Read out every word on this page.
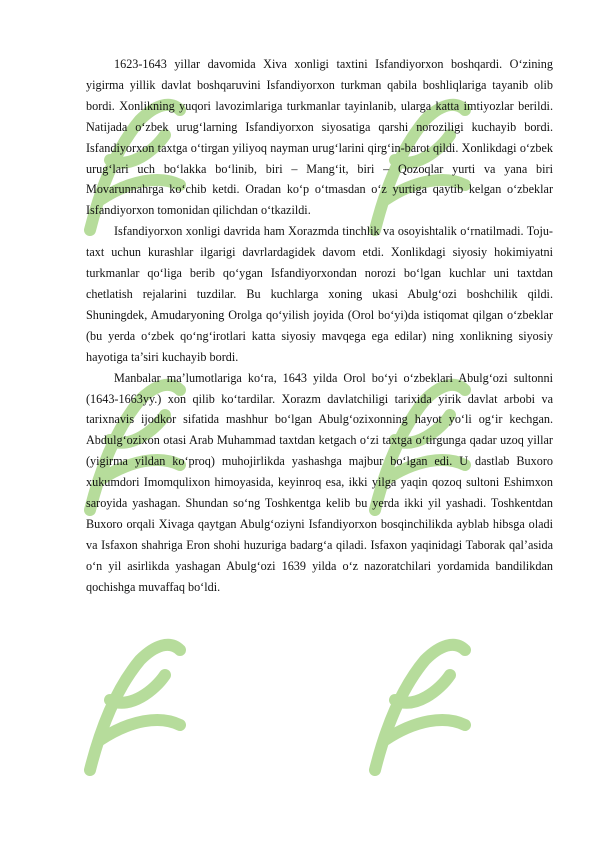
1623-1643 yillar davomida Xiva xonligi taxtini Isfandiyorxon boshqardi. O‘zining yigirma yillik davlat boshqaruvini Isfandiyorxon turkman qabila boshliqlariga tayanib olib bordi. Xonlikning yuqori lavozimlariga turkmanlar tayinlanib, ularga katta imtiyozlar berildi. Natijada o‘zbek urug‘larning Isfandiyorxon siyosatiga qarshi noroziligi kuchayib bordi. Isfandiyorxon taxtga o‘tirgan yiliyoq nayman urug‘larini qirg‘in-barot qildi. Xonlikdagi o‘zbek urug‘lari uch bo‘lakka bo‘linib, biri – Mang‘it, biri – Qozoqlar yurti va yana biri Movarunnahrga ko‘chib ketdi. Oradan ko‘p o‘tmasdan o‘z yurtiga qaytib kelgan o‘zbeklar Isfandiyorxon tomonidan qilichdan o‘tkazildi.

Isfandiyorxon xonligi davrida ham Xorazmda tinchlik va osoyishtalik o‘rnatilmadi. Toju-taxt uchun kurashlar ilgarigi davrlardagidek davom etdi. Xonlikdagi siyosiy hokimiyatni turkmanlar qo‘liga berib qo‘ygan Isfandiyorxondan norozi bo‘lgan kuchlar uni taxtdan chetlatish rejalarini tuzdilar. Bu kuchlarga xoning ukasi Abulg‘ozi boshchilik qildi. Shuningdek, Amudaryoning Orolga qo‘yilish joyida (Orol bo‘yi)da istiqomat qilgan o‘zbeklar (bu yerda o‘zbek qo‘ng‘irotlari katta siyosiy mavqega ega edilar) ning xonlikning siyosiy hayotiga ta’siri kuchayib bordi.

Manbalar ma’lumotlariga ko‘ra, 1643 yilda Orol bo‘yi o‘zbeklari Abulg‘ozi sultonni (1643-1663yy.) xon qilib ko‘tardilar. Xorazm davlatchiligi tarixida yirik davlat arbobi va tarixnavis ijodkor sifatida mashhur bo‘lgan Abulg‘ozixonning hayot yo‘li og‘ir kechgan. Abdulg‘ozixon otasi Arab Muhammad taxtdan ketgach o‘zi taxtga o‘tirgunga qadar uzoq yillar (yigirma yildan ko‘proq) muhojirlikda yashashga majbur bo‘lgan edi. U dastlab Buxoro xukumdori Imomqulixon himoyasida, keyinroq esa, ikki yilga yaqin qozoq sultoni Eshimxon saroyida yashagan. Shundan so‘ng Toshkentga kelib bu yerda ikki yil yashadi. Toshkentdan Buxoro orqali Xivaga qaytgan Abulg‘oziyni Isfandiyorxon bosqinchilikda ayblab hibsga oladi va Isfaxon shahriga Eron shohi huzuriga badarg‘a qiladi. Isfaxon yaqinidagi Taborak qal’asida o‘n yil asirlikda yashagan Abulg‘ozi 1639 yilda o‘z nazoratchilari yordamida bandilikdan qochishga muvaffaq bo‘ldi.
